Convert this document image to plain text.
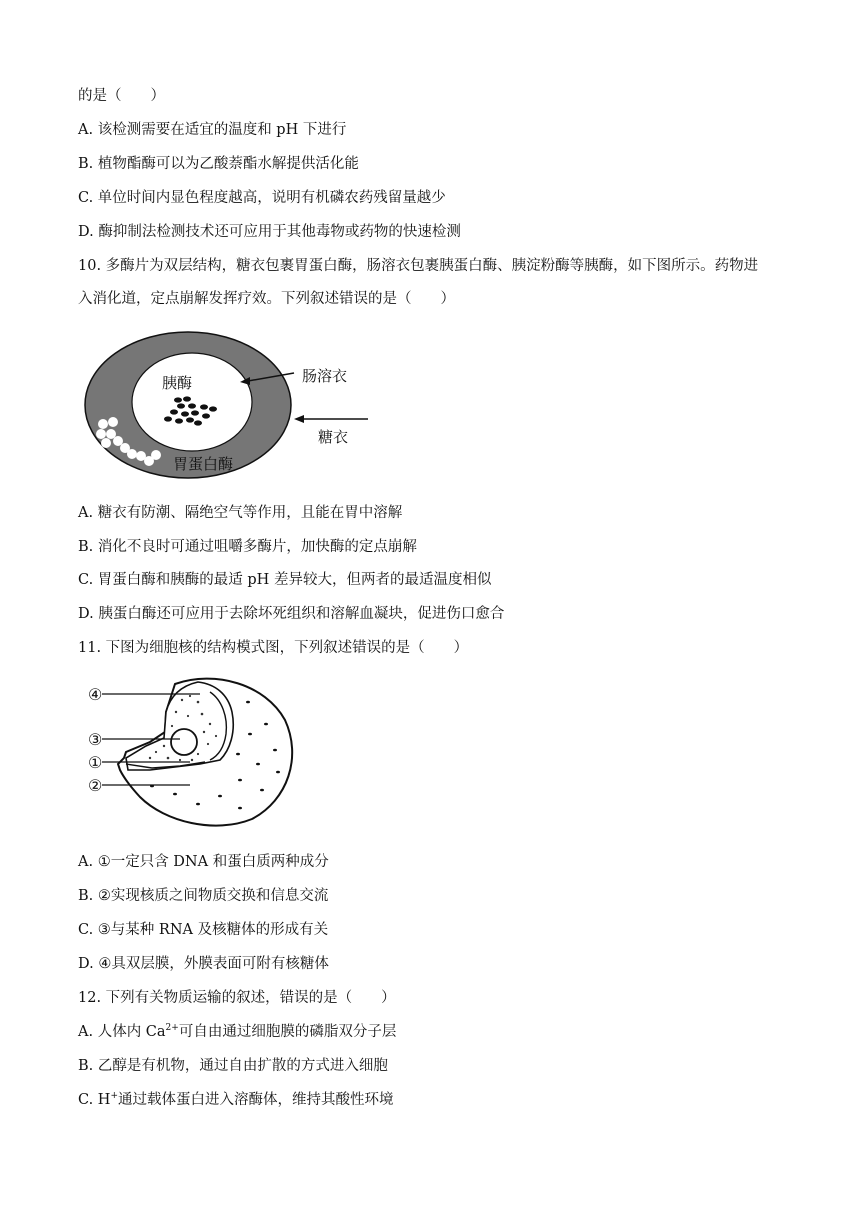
的是（　　）
A. 该检测需要在适宜的温度和 pH 下进行
B. 植物酯酶可以为乙酸萘酯水解提供活化能
C. 单位时间内显色程度越高，说明有机磷农药残留量越少
D. 酶抑制法检测技术还可应用于其他毒物或药物的快速检测
10. 多酶片为双层结构，糖衣包裹胃蛋白酶，肠溶衣包裹胰蛋白酶、胰淀粉酶等胰酶，如下图所示。药物进
入消化道，定点崩解发挥疗效。下列叙述错误的是（　　）
胰酶
胃蛋白酶
肠溶衣
糖衣
A. 糖衣有防潮、隔绝空气等作用，且能在胃中溶解
B. 消化不良时可通过咀嚼多酶片，加快酶的定点崩解
C. 胃蛋白酶和胰酶的最适 pH 差异较大，但两者的最适温度相似
D. 胰蛋白酶还可应用于去除坏死组织和溶解血凝块，促进伤口愈合
11. 下图为细胞核的结构模式图，下列叙述错误的是（　　）
④
③
①
②
A. ①一定只含 DNA 和蛋白质两种成分
B. ②实现核质之间物质交换和信息交流
C. ③与某种 RNA 及核糖体的形成有关
D. ④具双层膜，外膜表面可附有核糖体
12. 下列有关物质运输的叙述，错误的是（　　）
A. 人体内 $Ca^{2+}$可自由通过细胞膜的磷脂双分子层
B. 乙醇是有机物，通过自由扩散的方式进入细胞
C. H+通过载体蛋白进入溶酶体，维持其酸性环境
